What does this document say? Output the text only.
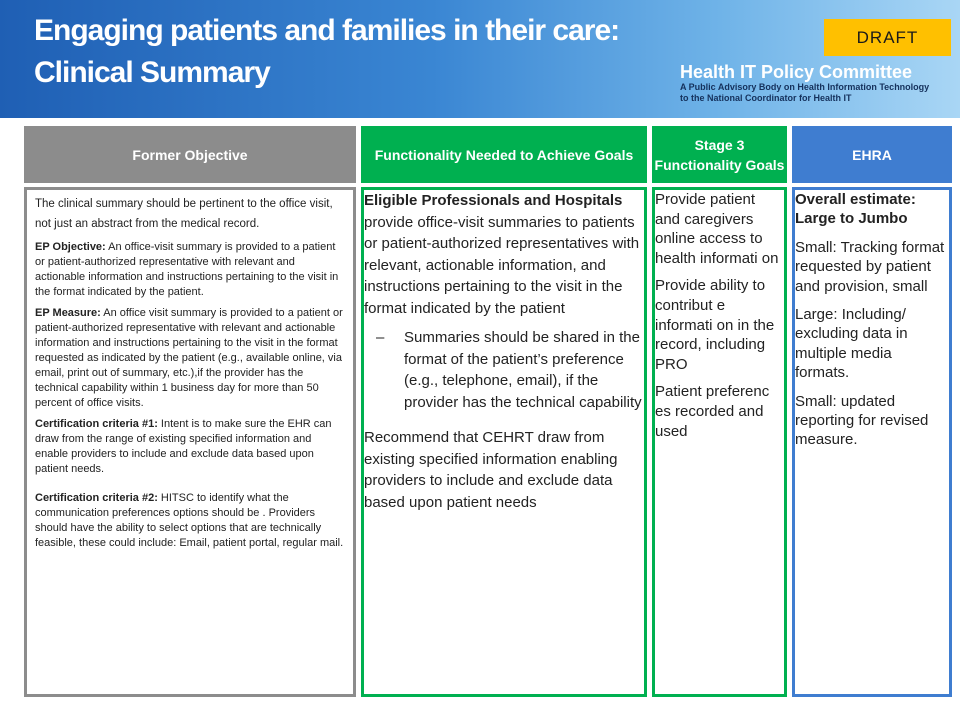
Engaging patients and families in their care:
Clinical Summary
DRAFT
Health IT Policy Committee
A Public Advisory Body on Health Information Technology
to the National Coordinator for Health IT
Former Objective	Functionality Needed to Achieve Goals
Stage 3 Functionality Goals
EHRA

The clinical summary should be pertinent to the office visit, not just an abstract from the medical record.

EP Objective: An office-visit summary is provided to a patient or patient-authorized representative with relevant and actionable information and instructions pertaining to the visit in the format indicated by the patient.

EP Measure: An office visit summary is provided to a patient or patient-authorized representative with relevant and actionable information and instructions pertaining to the visit in the format requested as indicated by the patient (e.g., available online, via email, print out of summary, etc.),if the provider has the technical capability within 1 business day for more than 50 percent of office visits.

Certification criteria #1: Intent is to make sure the EHR can draw from the range of existing specified information and enable providers to include and exclude data based upon patient needs.

Certification criteria #2: HITSC to identify what the communication preferences options should be . Providers should have the ability to select options that are technically feasible, these could include: Email, patient portal, regular mail.

• Eligible Professionals and Hospitals provide office-visit summaries to patients or patient-authorized representatives with relevant, actionable information, and instructions pertaining to the visit in the format indicated by the patient
– Summaries should be shared in the format of the patient’s preference (e.g., telephone, email), if the provider has the technical capability
• Recommend that CEHRT draw from existing specified information enabling providers to include and exclude data based upon patient needs
• Provide patient and caregivers online access to health informati on
• Provide ability to contribut e informati on in the record, including PRO
• Patient preferenc es recorded and used
• Overall estimate: Large to Jumbo
• Small: Tracking format requested by patient and provision, small
• Large: Including/ excluding data in multiple media formats.
• Small: updated reporting for revised measure.
